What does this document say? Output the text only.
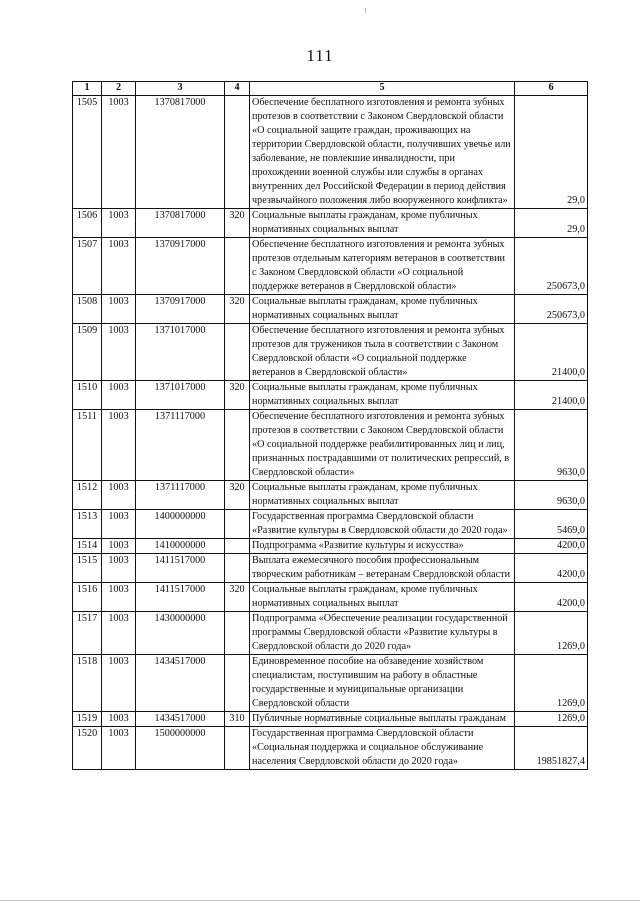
111
1	2	3	4	5	6
1505	1003	1370817000		Обеспечение бесплатного изготовления и ремонта зубных протезов в соответствии с Законом Свердловской области «О социальной защите граждан, проживающих на территории Свердловской области, получивших увечье или заболевание, не повлекшие инвалидности, при прохождении военной службы или службы в органах внутренних дел Российской Федерации в период действия чрезвычайного положения либо вооруженного конфликта»	29,0
1506	1003	1370817000	320	Социальные выплаты гражданам, кроме публичных нормативных социальных выплат	29,0
1507	1003	1370917000		Обеспечение бесплатного изготовления и ремонта зубных протезов отдельным категориям ветеранов в соответствии с Законом Свердловской области «О социальной поддержке ветеранов в Свердловской области»	250673,0
1508	1003	1370917000	320	Социальные выплаты гражданам, кроме публичных нормативных социальных выплат	250673,0
1509	1003	1371017000		Обеспечение бесплатного изготовления и ремонта зубных протезов для тружеников тыла в соответствии с Законом Свердловской области «О социальной поддержке ветеранов в Свердловской области»	21400,0
1510	1003	1371017000	320	Социальные выплаты гражданам, кроме публичных нормативных социальных выплат	21400,0
1511	1003	1371117000		Обеспечение бесплатного изготовления и ремонта зубных протезов в соответствии с Законом Свердловской области «О социальной поддержке реабилитированных лиц и лиц, признанных пострадавшими от политических репрессий, в Свердловской области»	9630,0
1512	1003	1371117000	320	Социальные выплаты гражданам, кроме публичных нормативных социальных выплат	9630,0
1513	1003	1400000000		Государственная программа Свердловской области «Развитие культуры в Свердловской области до 2020 года»	5469,0
1514	1003	1410000000		Подпрограмма «Развитие культуры и искусства»	4200,0
1515	1003	1411517000		Выплата ежемесячного пособия профессиональным творческим работникам – ветеранам Свердловской области	4200,0
1516	1003	1411517000	320	Социальные выплаты гражданам, кроме публичных нормативных социальных выплат	4200,0
1517	1003	1430000000		Подпрограмма «Обеспечение реализации государственной программы Свердловской области «Развитие культуры в Свердловской области до 2020 года»	1269,0
1518	1003	1434517000		Единовременное пособие на обзаведение хозяйством специалистам, поступившим на работу в областные государственные и муниципальные организации Свердловской области	1269,0
1519	1003	1434517000	310	Публичные нормативные социальные выплаты гражданам	1269,0
1520	1003	1500000000		Государственная программа Свердловской области «Социальная поддержка и социальное обслуживание населения Свердловской области до 2020 года»	19851827,4
